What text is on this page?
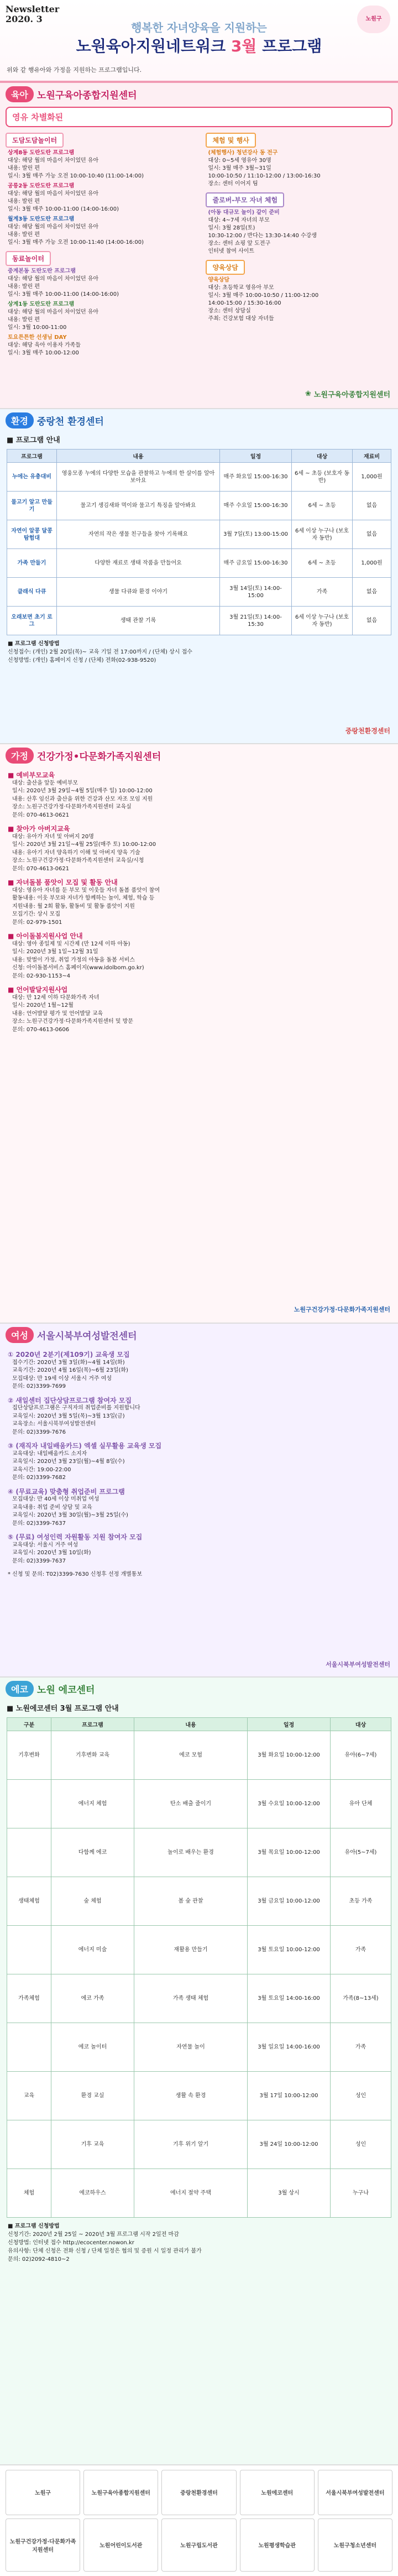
Newsletter
2020. 3	노원구
행복한 자녀양육을 지원하는
노원육아지원네트워크 3월 프로그램
위와 같 행유아와 가정을 지원하는 프로그램입니다.
육아 노원구육아종합지원센터
영유 차별화된
도담도담놀이터
상계8동 도란도란 프로그램
대상: 해당 월의 마음이 차이었던 유아
내용: 발린 편
일시: 3월 매주 가능 오전 10:00-10:40 (11:00-14:00)
공릉2동 도란도란 프로그램
대상: 해당 월의 마음이 차이었던 유아
내용: 발린 편
일시: 3월 매주 10:00-11:00 (14:00-16:00)
월계3동 도란도란 프로그램
대상: 해당 월의 마음이 차이었던 유아
내용: 발린 편
일시: 3월 매주 가능 오전 10:00-11:40 (14:00-16:00)
동료놀이터
중계본동 도란도란 프로그램
대상: 해당 월의 마음이 차이었던 유아
내용: 발린 편
일시: 3월 매주 10:00-11:00 (14:00-16:00)
상계1동 도란도란 프로그램
대상: 해당 월의 마음이 차이었던 유아
내용: 발린 편
일시: 3월 10:00-11:00
토요튼튼한 선생님 DAY
대상: 해당 육아 이용자 가족들
일시: 3월 매주 10:00-12:00
체험 및 행사
(체험행사) 청년강사 동 전구
대상: 0~5세 영유아 30명
일시: 3월 매주 3월~31일
10:00-10:50 / 11:10-12:00 / 13:00-16:30
장소: 센터 이어지 팀
줄로버-부모 자녀 체험
(아동 대규모 놀이) 같이 준비
대상: 4~7세 자녀의 부모
일시: 3월 28일(토)
10:30-12:00 / 반다는 13:30-14:40 수강생
장소: 센터 쇼핑 앞 도전구
인터넷 참여 사이트
양육상담
양육상담
대상: 초등학교 영유아 부모
일시: 3월 매주 10:00-10:50 / 11:00-12:00
14:00-15:00 / 15:30-16:00
장소: 센터 상담실
주최: 건강보험 대상 자녀들
❀ 노원구육아종합지원센터
환경 중랑천 환경센터
■ 프로그램 안내
프로그램	내용	일정	대상	재료비
누에는 유충대비	영웅모종 누에의 다양한 모습을 관찰하고 누에의 한 살이를 알아보아요	매주 화요일 15:00-16:30	6세 ~ 초등 (보호자 동반)	1,000원
물고기 알고 만들기	물고기 생김새와 먹이와 물고기 특징을 알아봐요	매주 수요일 15:00-16:30	6세 ~ 초등	없음
자연이 알콩 달콩 탐험대	자연의 작은 생물 친구들을 찾아 기록해요	3월 7일(토) 13:00-15:00	6세 이상 누구나 (보호자 동반)	없음
가족 만들기	다양한 재료로 생태 작품을 만들어요	매주 금요일 15:00-16:30	6세 ~ 초등	1,000원
클래식 다큐	생물 다큐와 환경 이야기	3월 14일(토) 14:00-15:00	가족	없음
오래보면 초기 로그	생태 관찰 기록	3월 21일(토) 14:00-15:30	6세 이상 누구나 (보호자 동반)	없음
■ 프로그램 신청방법
신청접수: (개인) 2월 20일(목)~ 교육 기일 전 17:00까지 / (단체) 상시 접수
신청방법: (개인) 홈페이지 신청 / (단체) 전화(02-938-9520)
중랑천환경센터
가정 건강가정•다문화가족지원센터
■ 예비부모교육
대상: 출산을 앞둔 예비부모
일시: 2020년 3월 29일~4월 5일(매주 일) 10:00-12:00
내용: 산후 임신과 출산을 위한 건강과 산모 자조 모임 지원
장소: 노원구건강가정·다문화가족지원센터 교육실
문의: 070-4613-0621
■ 찾아가 아버지교육
대상: 유아가 자녀 및 아버지 20명
일시: 2020년 3월 21일~4월 25일(매주 토) 10:00-12:00
내용: 유아기 자녀 양육하기 이해 및 아버지 양육 기술
장소: 노원구건강가정·다문화가족지원센터 교육실/시청
문의: 070-4613-0621
■ 자녀돌봄 품앗이 모집 및 활동 안내
대상: 영유아 자녀를 둔 부모 및 이웃들 자녀 돌봄 품앗이 참여
활동내용: 이웃 부모와 자녀가 함께하는 놀이, 체험, 학습 등
지원내용: 월 2회 활동, 활동비 및 활동 품앗이 지원
모집기간: 상시 모집
문의: 02-979-1501
■ 아이돌봄지원사업 안내
대상: 영아 종일제 및 시간제 (만 12세 이하 아동)
일시: 2020년 3월 1일~12월 31일
내용: 맞벌이 가정, 취업 가정의 아동을 돌봄 서비스
신청: 아이돌봄서비스 홈페이지(www.idolbom.go.kr)
문의: 02-930-1153~4
■ 언어발달지원사업
대상: 만 12세 이하 다문화가족 자녀
일시: 2020년 1월~12월
내용: 언어발달 평가 및 언어발달 교육
장소: 노원구건강가정·다문화가족지원센터 및 방문
문의: 070-4613-0606
노원구건강가정·다문화가족지원센터
여성 서울시북부여성발전센터
① 2020년 2분기(제109기) 교육생 모집
접수기간: 2020년 3월 3일(화)~4월 14일(화)
교육기간: 2020년 4월 16일(목)~6월 23일(화)
모집대상: 만 19세 이상 서울시 거주 여성
문의: 02)3399-7699
② 새일센터 집단상담프로그램 참여자 모집
집단상담프로그램은 구직자의 취업준비를 지원합니다
교육일시: 2020년 3월 5일(목)~3월 13일(금)
교육장소: 서울시북부여성발전센터
문의: 02)3399-7676
③ (재직자 내일배움카드) 엑셀 실무활용 교육생 모집
교육대상: 내일배움카드 소지자
교육일시: 2020년 3월 23일(월)~4월 8일(수)
교육시간: 19:00-22:00
문의: 02)3399-7682
④ (무료교육) 맞춤형 취업준비 프로그램
모집대상: 만 40세 이상 미취업 여성
교육내용: 취업 준비 상담 및 교육
교육일시: 2020년 3월 30일(월)~3월 25일(수)
문의: 02)3399-7637
⑤ (무료) 여성인력 자원활동 지원 참여자 모집
교육대상: 서울시 거주 여성
교육일시: 2020년 3월 10일(화)
문의: 02)3399-7637
* 신청 및 문의: T02)3399-7630 신청후 선정 개별통보
서울시북부여성발전센터
에코 노원 에코센터
■ 노원에코센터 3월 프로그램 안내
구분	프로그램	내용	일정	대상
기후변화	기후변화 교육	에코 모험	3월 화요일 10:00-12:00	유아(6~7세)
	에너지 체험	탄소 배출 줄이기	3월 수요일 10:00-12:00	유아 단체
	다함께 에코	놀이로 배우는 환경	3월 목요일 10:00-12:00	유아(5~7세)
생태체험	숲 체험	봄 숲 관찰	3월 금요일 10:00-12:00	초등 가족
	에너지 미술	재활용 만들기	3월 토요일 10:00-12:00	가족
가족체험	에코 가족	가족 생태 체험	3월 토요일 14:00-16:00	가족(8~13세)
	에코 놀이터	자연물 놀이	3월 일요일 14:00-16:00	가족
교육	환경 교실	생활 속 환경	3월 17일 10:00-12:00	성인
	기후 교육	기후 위기 알기	3월 24일 10:00-12:00	성인
체험	에코하우스	에너지 절약 주택	3월 상시	누구나
■ 프로그램 신청방법
신청기간: 2020년 2월 25일 ~ 2020년 3월 프로그램 시작 2일전 마감
신청방법: 인터넷 접수 http://ecocenter.nowon.kr
유의사항: 단체 신청은 전화 신청 / 단체 일정은 협의 및 증원 시 일정 관리가 불가
문의: 02)2092-4810~2
노원구	노원구육아종합지원센터	중랑천환경센터	노원에코센터	서울시북부여성발전센터
노원구건강가정·다문화가족지원센터
노원어린이도서관	노원구립도서관	노원평생학습관	노원구청소년센터
